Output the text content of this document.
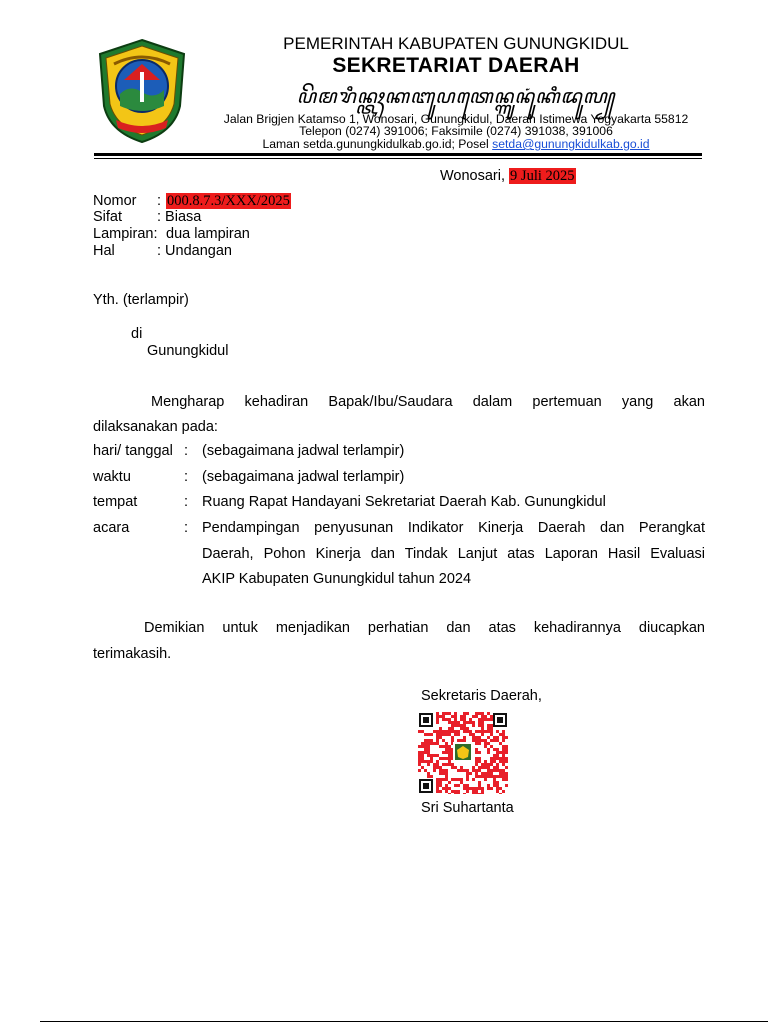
PEMERINTAH KABUPATEN GUNUNGKIDUL
SEKRETARIAT DAERAH
ꦥꦼꦩꦫꦶꦤ꧀ꦠꦃꦏꦧꦸꦥꦠꦺꦤ꧀ꦒꦸꦤꦸꦁꦏꦶꦢꦸꦭ꧀
Jalan Brigjen Katamso 1, Wonosari, Gunungkidul, Daerah Istimewa Yogyakarta 55812
Telepon (0274) 391006; Faksimile (0274) 391038, 391006
Laman setda.gunungkidulkab.go.id; Posel setda@gunungkidulkab.go.id
Wonosari, 9 Juli 2025
Nomor : 000.8.7.3/XXX/2025
Sifat : Biasa
Lampiran: dua lampiran
Hal	: Undangan
Yth. (terlampir)
di
Gunungkidul
Mengharap kehadiran Bapak/Ibu/Saudara dalam pertemuan yang akan
dilaksanakan pada:
hari/ tanggal : (sebagaimana jadwal terlampir)
waktu	: (sebagaimana jadwal terlampir)
tempat	: Ruang Rapat Handayani Sekretariat Daerah Kab. Gunungkidul
acara	: Pendampingan penyusunan Indikator Kinerja Daerah dan Perangkat
Daerah, Pohon Kinerja dan Tindak Lanjut atas Laporan Hasil Evaluasi
AKIP Kabupaten Gunungkidul tahun 2024
Demikian untuk menjadikan perhatian dan atas kehadirannya diucapkan
terimakasih.
Sekretaris Daerah,
Sri Suhartanta
